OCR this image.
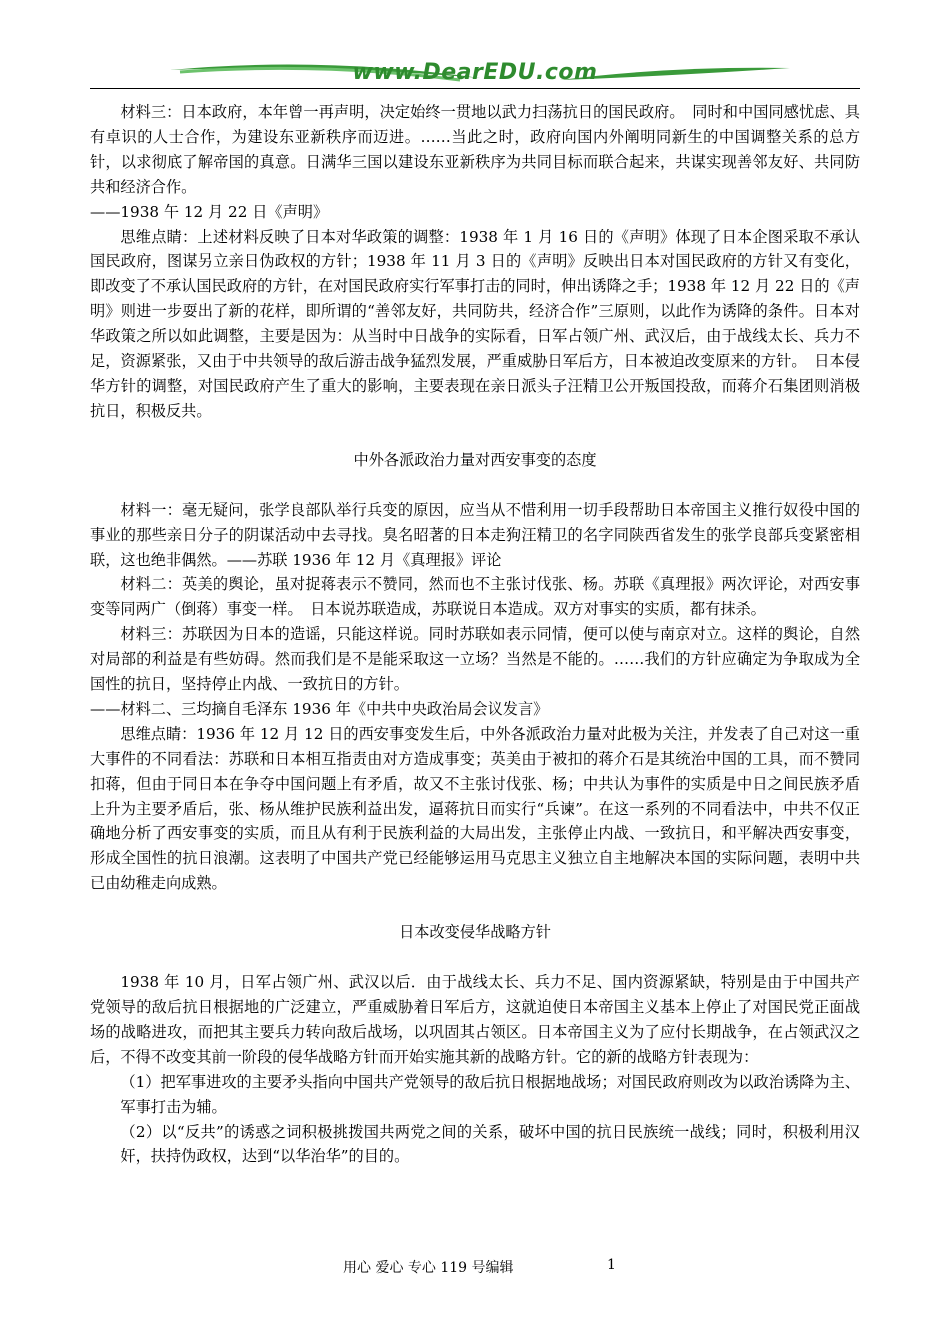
www.DearEDU.com

材料三：日本政府，本年曾一再声明，决定始终一贯地以武力扫荡抗日的国民政府。　同时和中国同感忧虑、具有卓识的人士合作，为建设东亚新秩序而迈进。……当此之时，政府向国内外阐明同新生的中国调整关系的总方针，以求彻底了解帝国的真意。日满华三国以建设东亚新秩序为共同目标而联合起来，共谋实现善邻友好、共同防共和经济合作。

——1938 午 12 月 22 日《声明》

思维点睛：上述材料反映了日本对华政策的调整：1938 年 1 月 16 日的《声明》体现了日本企图采取不承认国民政府，图谋另立亲日伪政权的方针；1938 年 11 月 3 日的《声明》反映出日本对国民政府的方针又有变化，即改变了不承认国民政府的方针，在对国民政府实行军事打击的同时，伸出诱降之手；1938 年 12 月 22 日的《声明》则进一步耍出了新的花样，即所谓的“善邻友好，共同防共，经济合作”三原则，以此作为诱降的条件。日本对华政策之所以如此调整，主要是因为：从当时中日战争的实际看，日军占领广州、武汉后，由于战线太长、兵力不足，资源紧张，又由于中共领导的敌后游击战争猛烈发展，严重威胁日军后方，日本被迫改变原来的方针。　日本侵华方针的调整，对国民政府产生了重大的影响，主要表现在亲日派头子汪精卫公开叛国投敌，而蒋介石集团则消极抗日，积极反共。

中外各派政治力量对西安事变的态度

材料一：毫无疑问，张学良部队举行兵变的原因，应当从不惜利用一切手段帮助日本帝国主义推行奴役中国的事业的那些亲日分子的阴谋活动中去寻找。臭名昭著的日本走狗汪精卫的名字同陕西省发生的张学良部兵变紧密相联，这也绝非偶然。——苏联 1936 年 12 月《真理报》评论

材料二：英美的舆论，虽对捉蒋表示不赞同，然而也不主张讨伐张、杨。苏联《真理报》两次评论，对西安事变等同两广（倒蒋）事变一样。　日本说苏联造成，苏联说日本造成。双方对事实的实质，都有抹杀。

材料三：苏联因为日本的造谣，只能这样说。同时苏联如表示同情，便可以使与南京对立。这样的舆论，自然对局部的利益是有些妨碍。然而我们是不是能采取这一立场？当然是不能的。……我们的方针应确定为争取成为全国性的抗日，坚持停止内战、一致抗日的方针。

——材料二、三均摘自毛泽东 1936 年《中共中央政治局会议发言》

思维点睛：1936 年 12 月 12 日的西安事变发生后，中外各派政治力量对此极为关注，并发表了自己对这一重大事件的不同看法：苏联和日本相互指责由对方造成事变；英美由于被扣的蒋介石是其统治中国的工具，而不赞同扣蒋，但由于同日本在争夺中国问题上有矛盾，故又不主张讨伐张、杨；中共认为事件的实质是中日之间民族矛盾上升为主要矛盾后，张、杨从维护民族利益出发，逼蒋抗日而实行“兵谏”。在这一系列的不同看法中，中共不仅正确地分析了西安事变的实质，而且从有利于民族利益的大局出发，主张停止内战、一致抗日，和平解决西安事变，形成全国性的抗日浪潮。这表明了中国共产党已经能够运用马克思主义独立自主地解决本国的实际问题，表明中共已由幼稚走向成熟。

日本改变侵华战略方针

1938 年 10 月，日军占领广州、武汉以后．由于战线太长、兵力不足、国内资源紧缺，特别是由于中国共产党领导的敌后抗日根据地的广泛建立，严重威胁着日军后方，这就迫使日本帝国主义基本上停止了对国民党正面战场的战略进攻，而把其主要兵力转向敌后战场，以巩固其占领区。日本帝国主义为了应付长期战争，在占领武汉之后，不得不改变其前一阶段的侵华战略方针而开始实施其新的战略方针。它的新的战略方针表现为：

（1）把军事进攻的主要矛头指向中国共产党领导的敌后抗日根据地战场；对国民政府则改为以政治诱降为主、军事打击为辅。

（2）以“反共”的诱惑之词积极挑拨国共两党之间的关系，破坏中国的抗日民族统一战线；同时，积极利用汉奸，扶持伪政权，达到“以华治华”的目的。

用心 爱心 专心 119 号编辑	1
